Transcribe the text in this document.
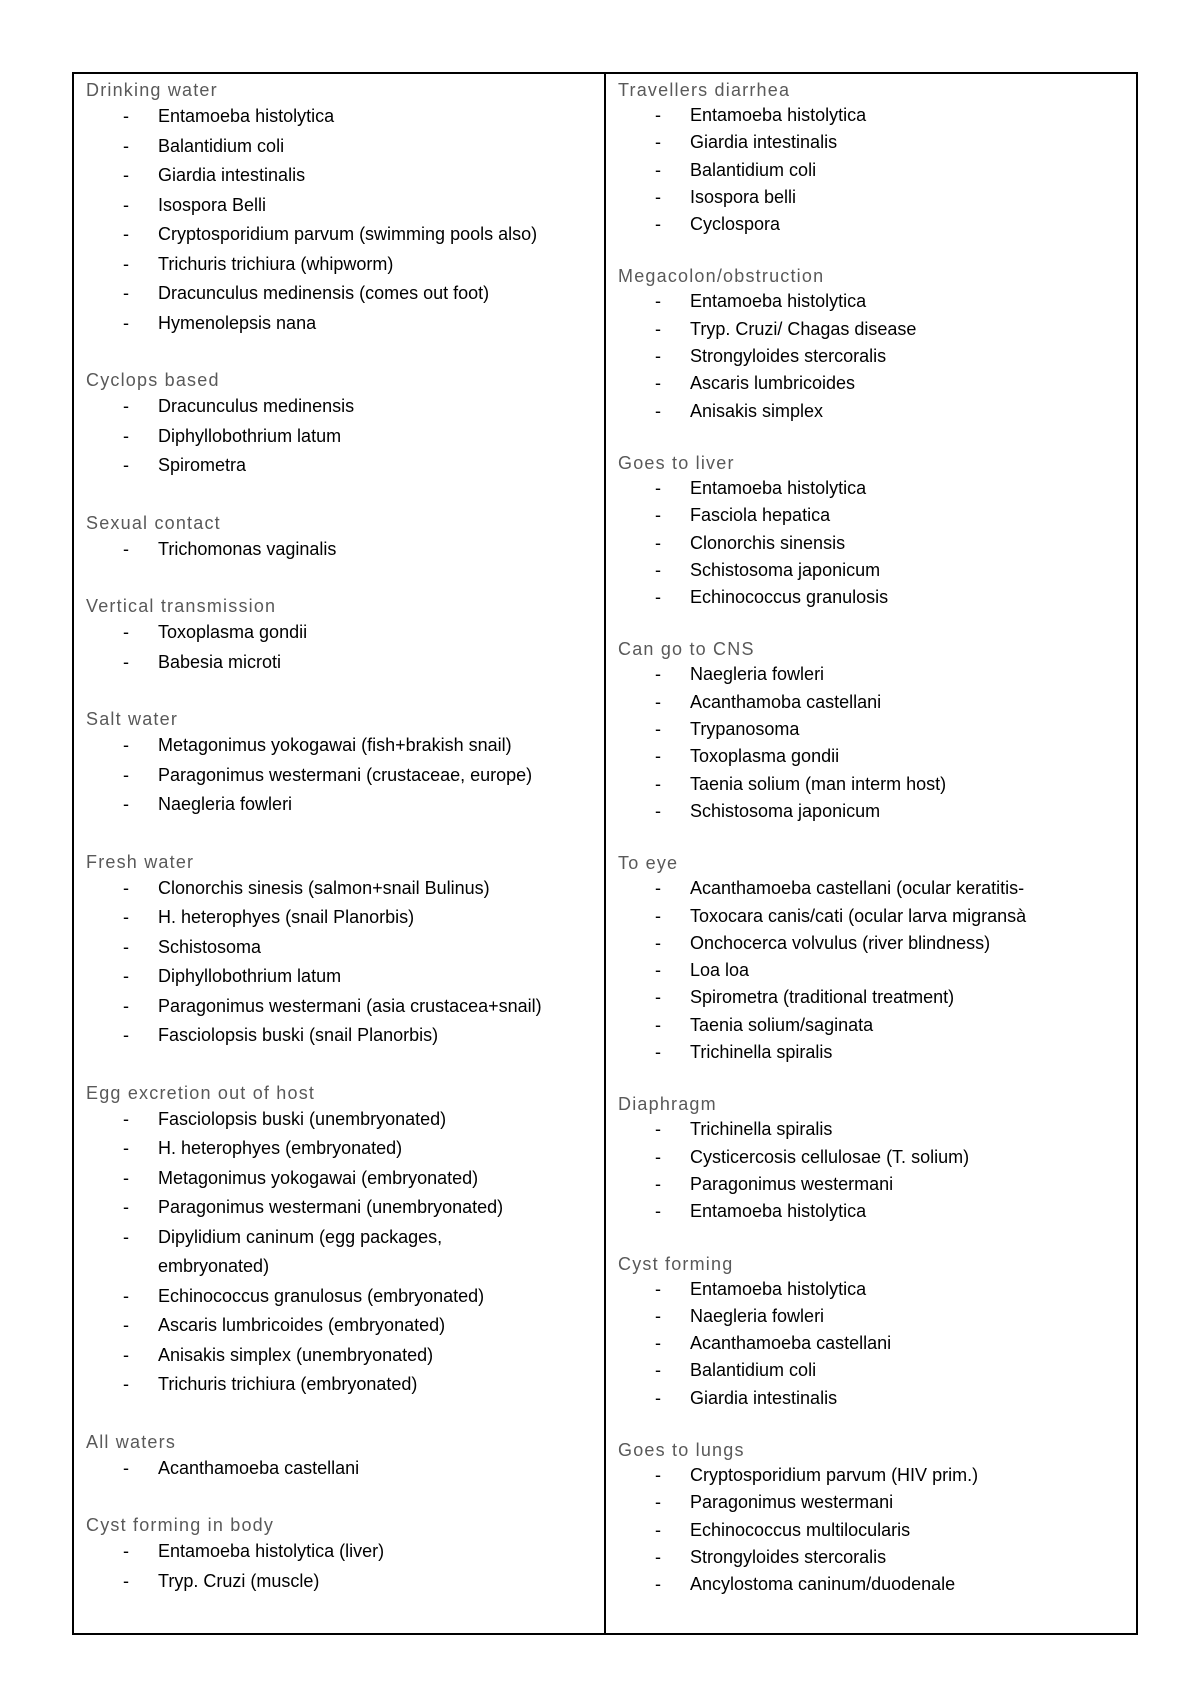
Drinking water
-	Entamoeba histolytica
-	Balantidium coli
-	Giardia intestinalis
-	Isospora Belli
-	Cryptosporidium parvum (swimming pools also)
-	Trichuris trichiura (whipworm)
-	Dracunculus medinensis (comes out foot)
-	Hymenolepsis nana
Cyclops based
-	Dracunculus medinensis
-	Diphyllobothrium latum
-	Spirometra
Sexual contact
-	Trichomonas vaginalis
Vertical transmission
-	Toxoplasma gondii
-	Babesia microti
Salt water
-	Metagonimus yokogawai (fish+brakish snail)
-	Paragonimus westermani (crustaceae, europe)
-	Naegleria fowleri
Fresh water
-	Clonorchis sinesis (salmon+snail Bulinus)
-	H. heterophyes (snail Planorbis)
-	Schistosoma
-	Diphyllobothrium latum
-	Paragonimus westermani (asia crustacea+snail)
-	Fasciolopsis buski (snail Planorbis)
Egg excretion out of host
-	Fasciolopsis buski (unembryonated)
-	H. heterophyes (embryonated)
-	Metagonimus yokogawai (embryonated)
-	Paragonimus westermani (unembryonated)
-	Dipylidium caninum (egg packages, embryonated)
-	Echinococcus granulosus (embryonated)
-	Ascaris lumbricoides (embryonated)
-	Anisakis simplex (unembryonated)
-	Trichuris trichiura (embryonated)
All waters
-	Acanthamoeba castellani
Cyst forming in body
-	Entamoeba histolytica (liver)
-	Tryp. Cruzi (muscle)
Travellers diarrhea
-	Entamoeba histolytica
-	Giardia intestinalis
-	Balantidium coli
-	Isospora belli
-	Cyclospora
Megacolon/obstruction
-	Entamoeba histolytica
-	Tryp. Cruzi/ Chagas disease
-	Strongyloides stercoralis
-	Ascaris lumbricoides
-	Anisakis simplex
Goes to liver
-	Entamoeba histolytica
-	Fasciola hepatica
-	Clonorchis sinensis
-	Schistosoma japonicum
-	Echinococcus granulosis
Can go to CNS
-	Naegleria fowleri
-	Acanthamoba castellani
-	Trypanosoma
-	Toxoplasma gondii
-	Taenia solium (man interm host)
-	Schistosoma japonicum
To eye
-	Acanthamoeba castellani (ocular keratitis-
-	Toxocara canis/cati (ocular larva migransà
-	Onchocerca volvulus (river blindness)
-	Loa loa
-	Spirometra (traditional treatment)
-	Taenia solium/saginata
-	Trichinella spiralis
Diaphragm
-	Trichinella spiralis
-	Cysticercosis cellulosae (T. solium)
-	Paragonimus westermani
-	Entamoeba histolytica
Cyst forming
-	Entamoeba histolytica
-	Naegleria fowleri
-	Acanthamoeba castellani
-	Balantidium coli
-	Giardia intestinalis
Goes to lungs
-	Cryptosporidium parvum (HIV prim.)
-	Paragonimus westermani
-	Echinococcus multilocularis
-	Strongyloides stercoralis
-	Ancylostoma caninum/duodenale
